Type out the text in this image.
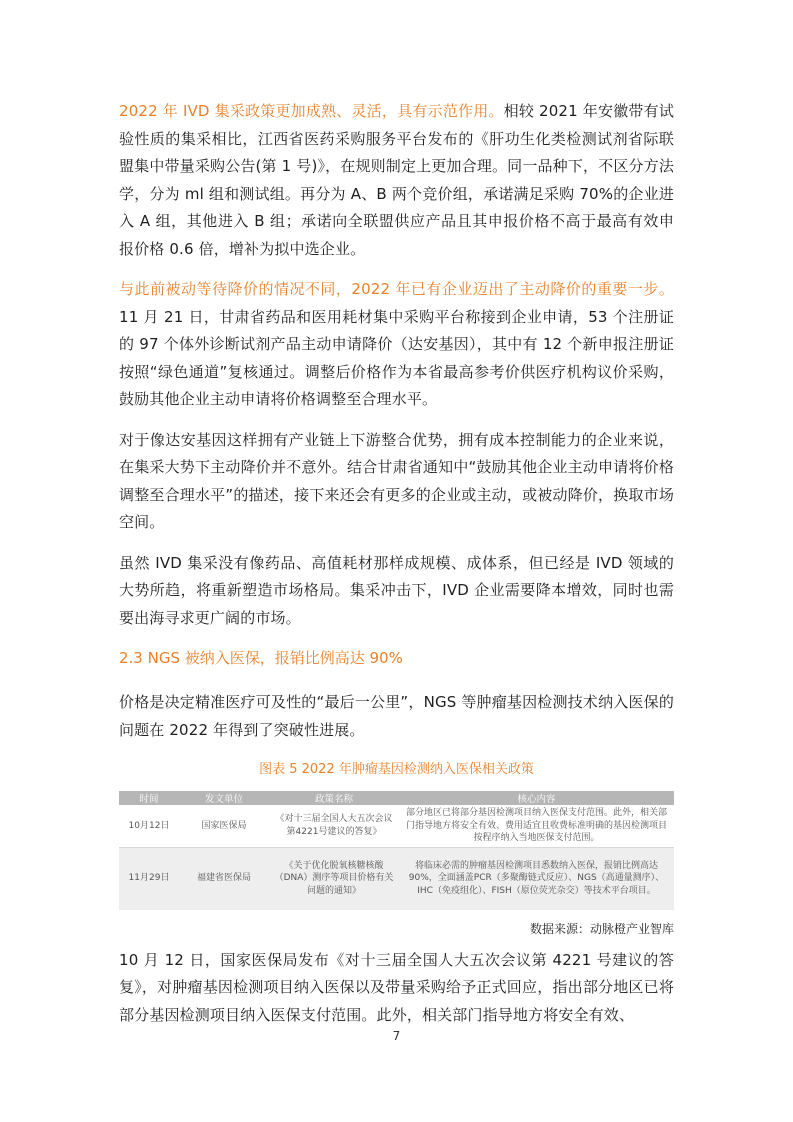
2022 年 IVD 集采政策更加成熟、灵活，具有示范作用。相较 2021 年安徽带有试验性质的集采相比，江西省医药采购服务平台发布的《肝功生化类检测试剂省际联盟集中带量采购公告(第 1 号)》，在规则制定上更加合理。同一品种下，不区分方法学，分为 ml 组和测试组。再分为 A、B 两个竞价组，承诺满足采购 70%的企业进入 A 组，其他进入 B 组；承诺向全联盟供应产品且其申报价格不高于最高有效申报价格 0.6 倍，增补为拟中选企业。

与此前被动等待降价的情况不同，2022 年已有企业迈出了主动降价的重要一步。11 月 21 日，甘肃省药品和医用耗材集中采购平台称接到企业申请，53 个注册证的 97 个体外诊断试剂产品主动申请降价（达安基因），其中有 12 个新申报注册证按照“绿色通道”复核通过。调整后价格作为本省最高参考价供医疗机构议价采购，鼓励其他企业主动申请将价格调整至合理水平。

对于像达安基因这样拥有产业链上下游整合优势，拥有成本控制能力的企业来说，在集采大势下主动降价并不意外。结合甘肃省通知中“鼓励其他企业主动申请将价格调整至合理水平”的描述，接下来还会有更多的企业或主动，或被动降价，换取市场空间。

虽然 IVD 集采没有像药品、高值耗材那样成规模、成体系，但已经是 IVD 领域的大势所趋，将重新塑造市场格局。集采冲击下，IVD 企业需要降本增效，同时也需要出海寻求更广阔的市场。

2.3 NGS 被纳入医保，报销比例高达 90%

价格是决定精准医疗可及性的“最后一公里”，NGS 等肿瘤基因检测技术纳入医保的问题在 2022 年得到了突破性进展。

图表 5 2022 年肿瘤基因检测纳入医保相关政策
时间	发文单位	政策名称	核心内容
10月12日	国家医保局	《对十三届全国人大五次会议第4221号建议的答复》	部分地区已将部分基因检测项目纳入医保支付范围。此外，相关部门指导地方将安全有效、费用适宜且收费标准明确的基因检测项目按程序纳入当地医保支付范围。
11月29日	福建省医保局	《关于优化脱氧核糖核酸（DNA）测序等项目价格有关问题的通知》	将临床必需的肿瘤基因检测项目悉数纳入医保，报销比例高达90%，全面涵盖PCR（多聚酶链式反应）、NGS（高通量测序）、IHC（免疫组化）、FISH（原位荧光杂交）等技术平台项目。
数据来源：动脉橙产业智库

10 月 12 日，国家医保局发布《对十三届全国人大五次会议第 4221 号建议的答复》，对肿瘤基因检测项目纳入医保以及带量采购给予正式回应，指出部分地区已将部分基因检测项目纳入医保支付范围。此外，相关部门指导地方将安全有效、

7
